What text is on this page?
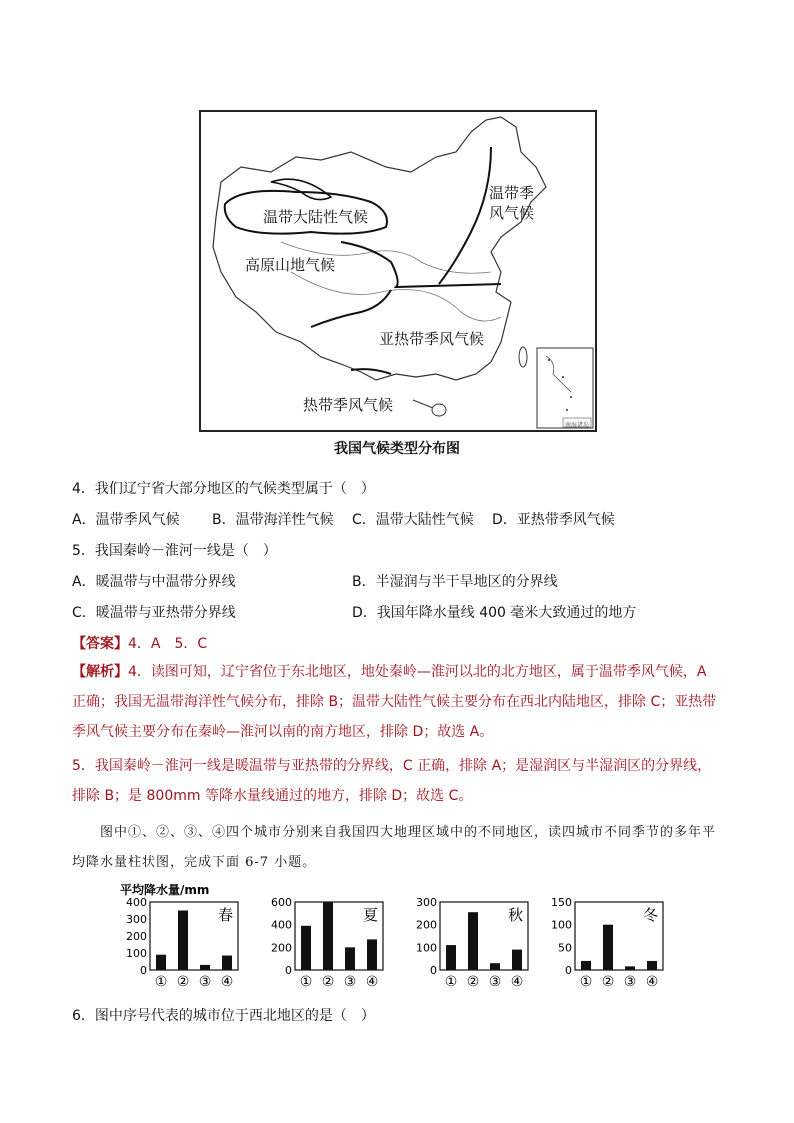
温带大陆性气候
温带季
风气候
高原山地气候
亚热带季风气候
热带季风气候
南海诸岛
我国气候类型分布图
4．我们辽宁省大部分地区的气候类型属于（　）
A．温带季风气候 B．温带海洋性气候 C．温带大陆性气候 D．亚热带季风气候
5．我国秦岭－淮河一线是（　）
A．暖温带与中温带分界线	B．半湿润与半干旱地区的分界线
C．暖温带与亚热带分界线	D．我国年降水量线 400 毫米大致通过的地方
【答案】4．A　5．C
【解析】4．读图可知，辽宁省位于东北地区，地处秦岭—淮河以北的北方地区，属于温带季风气候，A 正确；我国无温带海洋性气候分布，排除 B；温带大陆性气候主要分布在西北内陆地区，排除 C；亚热带季风气候主要分布在秦岭—淮河以南的南方地区，排除 D；故选 A。
5．我国秦岭－淮河一线是暖温带与亚热带的分界线，C 正确，排除 A；是湿润区与半湿润区的分界线，排除 B；是 800mm 等降水量线通过的地方，排除 D；故选 C。
图中①、②、③、④四个城市分别来自我国四大地理区域中的不同地区，读四城市不同季节的多年平均降水量柱状图，完成下面 6-7 小题。
平均降水量/mm
0
100
200
300
400
春
① ② ③ ④
0
200
400
600
夏
① ② ③ ④
0
100
200
300
秋
① ② ③ ④
0
50
100
150
冬
① ② ③ ④
6．图中序号代表的城市位于西北地区的是（　）
